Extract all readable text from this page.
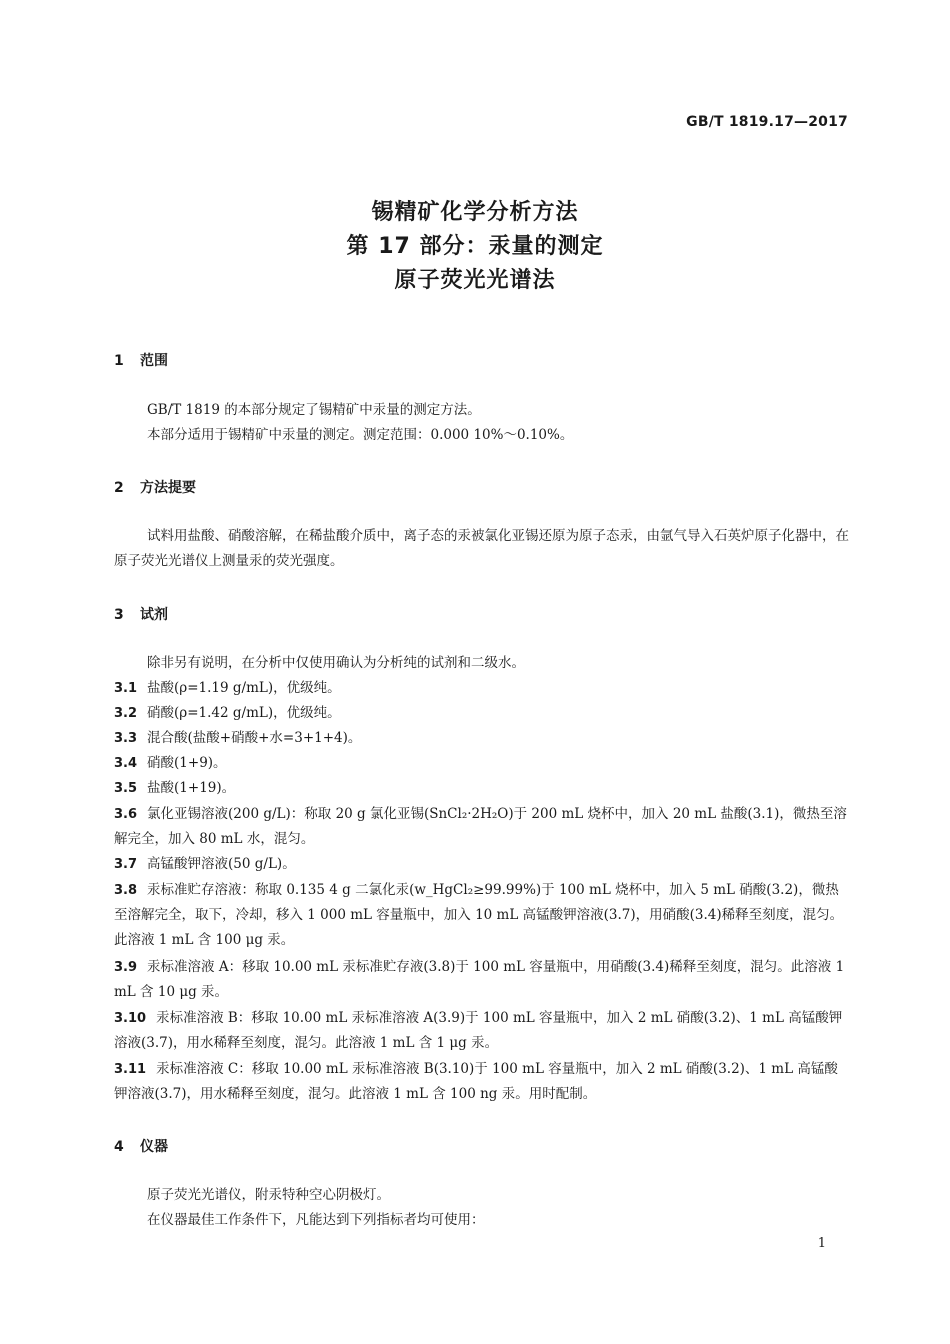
GB/T 1819.17—2017
锡精矿化学分析方法
第 17 部分：汞量的测定
原子荧光光谱法
1 范围
GB/T 1819 的本部分规定了锡精矿中汞量的测定方法。
本部分适用于锡精矿中汞量的测定。测定范围：0.000 10%～0.10%。
2 方法提要
试料用盐酸、硝酸溶解，在稀盐酸介质中，离子态的汞被氯化亚锡还原为原子态汞，由氩气导入石英炉原子化器中，在原子荧光光谱仪上测量汞的荧光强度。
3 试剂
除非另有说明，在分析中仅使用确认为分析纯的试剂和二级水。
3.1 盐酸(ρ=1.19 g/mL)，优级纯。
3.2 硝酸(ρ=1.42 g/mL)，优级纯。
3.3 混合酸(盐酸+硝酸+水=3+1+4)。
3.4 硝酸(1+9)。
3.5 盐酸(1+19)。
3.6 氯化亚锡溶液(200 g/L)：称取 20 g 氯化亚锡(SnCl₂·2H₂O)于 200 mL 烧杯中，加入 20 mL 盐酸(3.1)，微热至溶解完全，加入 80 mL 水，混匀。
3.7 高锰酸钾溶液(50 g/L)。
3.8 汞标准贮存溶液：称取 0.135 4 g 二氯化汞(w_HgCl₂≥99.99%)于 100 mL 烧杯中，加入 5 mL 硝酸(3.2)，微热至溶解完全，取下，冷却，移入 1 000 mL 容量瓶中，加入 10 mL 高锰酸钾溶液(3.7)，用硝酸(3.4)稀释至刻度，混匀。此溶液 1 mL 含 100 μg 汞。
3.9 汞标准溶液 A：移取 10.00 mL 汞标准贮存液(3.8)于 100 mL 容量瓶中，用硝酸(3.4)稀释至刻度，混匀。此溶液 1 mL 含 10 μg 汞。
3.10 汞标准溶液 B：移取 10.00 mL 汞标准溶液 A(3.9)于 100 mL 容量瓶中，加入 2 mL 硝酸(3.2)、1 mL 高锰酸钾溶液(3.7)，用水稀释至刻度，混匀。此溶液 1 mL 含 1 μg 汞。
3.11 汞标准溶液 C：移取 10.00 mL 汞标准溶液 B(3.10)于 100 mL 容量瓶中，加入 2 mL 硝酸(3.2)、1 mL 高锰酸钾溶液(3.7)，用水稀释至刻度，混匀。此溶液 1 mL 含 100 ng 汞。用时配制。
4 仪器
原子荧光光谱仪，附汞特种空心阴极灯。
在仪器最佳工作条件下，凡能达到下列指标者均可使用：
1
